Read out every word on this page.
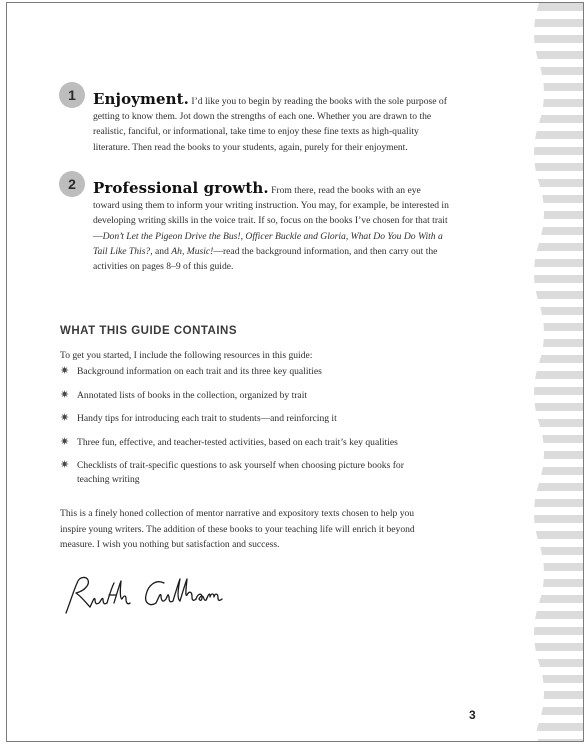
1	Enjoyment. I’d like you to begin by reading the books with the sole purpose of getting to know them. Jot down the strengths of each one. Whether you are drawn to the realistic, fanciful, or informational, take time to enjoy these fine texts as high-quality literature. Then read the books to your students, again, purely for their enjoyment.
2	Professional growth. From there, read the books with an eye toward using them to inform your writing instruction. You may, for example, be interested in developing writing skills in the voice trait. If so, focus on the books I’ve chosen for that trait—Don’t Let the Pigeon Drive the Bus!, Officer Buckle and Gloria, What Do You Do With a Tail Like This?, and Ah, Music!—read the background information, and then carry out the activities on pages 8–9 of this guide.
WHAT THIS GUIDE CONTAINS
To get you started, I include the following resources in this guide:
✷ Background information on each trait and its three key qualities
✷ Annotated lists of books in the collection, organized by trait
✷ Handy tips for introducing each trait to students—and reinforcing it
✷ Three fun, effective, and teacher-tested activities, based on each trait’s key qualities
✷ Checklists of trait-specific questions to ask yourself when choosing picture books for teaching writing
This is a finely honed collection of mentor narrative and expository texts chosen to help you inspire young writers. The addition of these books to your teaching life will enrich it beyond measure. I wish you nothing but satisfaction and success.
3
